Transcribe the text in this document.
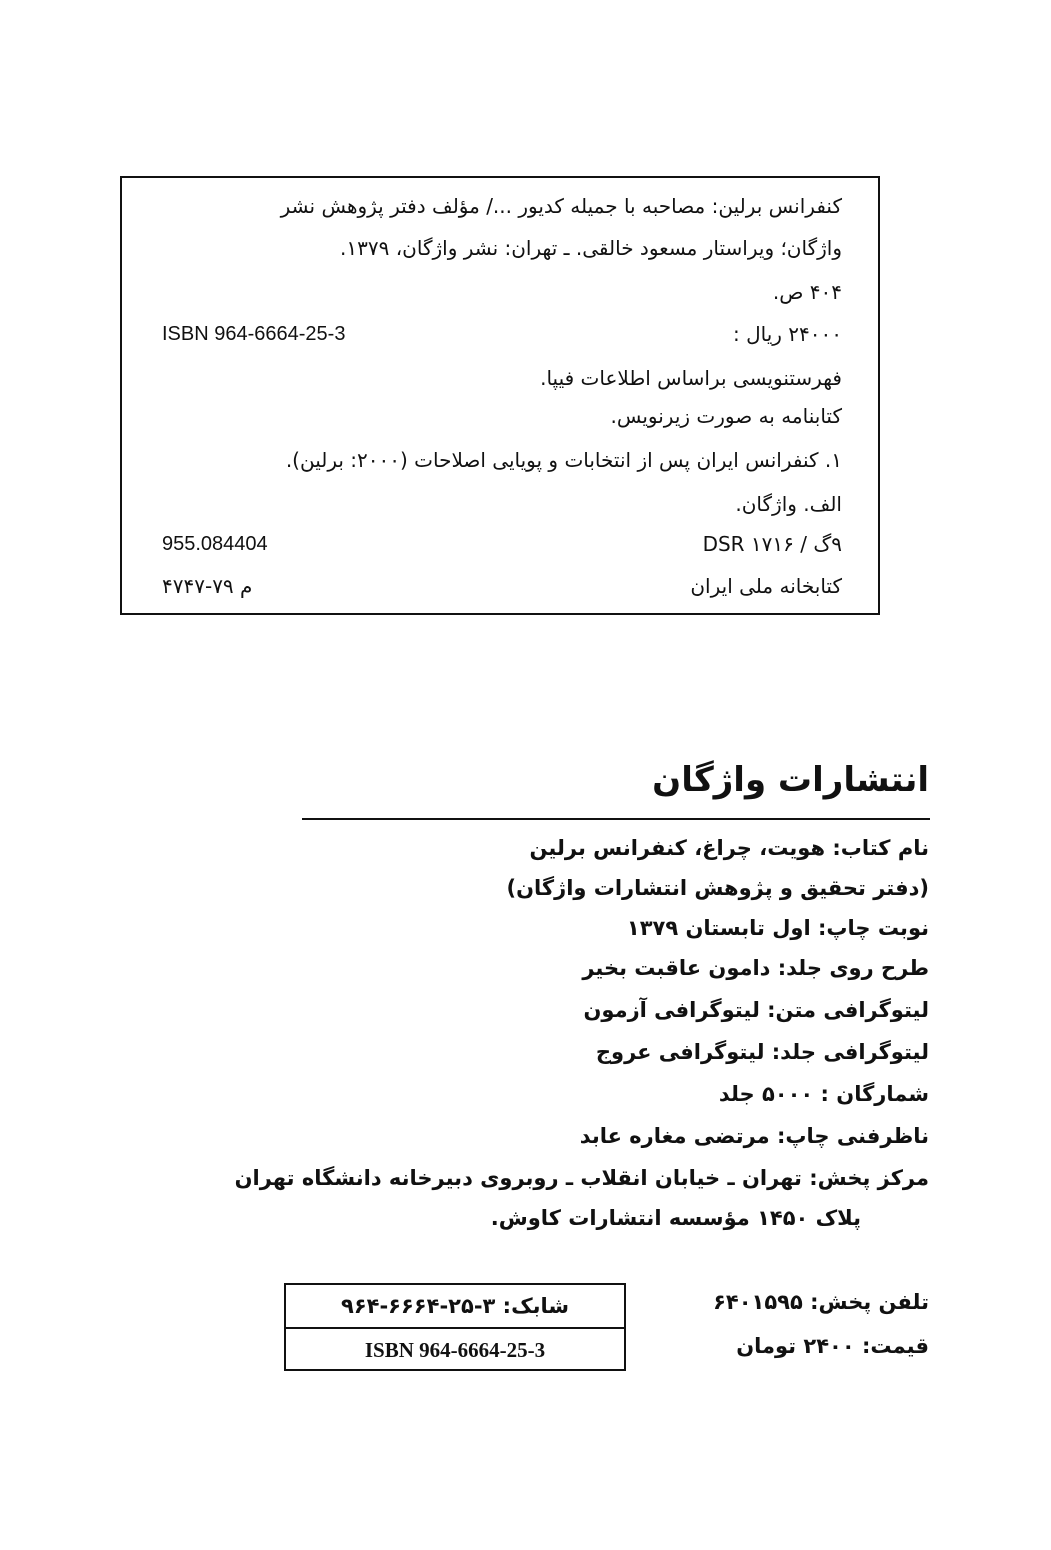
کنفرانس برلین: مصاحبه با جمیله کدیور .../ مؤلف دفتر پژوهش نشر
واژگان؛ ویراستار مسعود خالقی. ـ تهران: نشر واژگان، ۱۳۷۹.
۴۰۴ ص.
۲۴۰۰۰ ریال :
ISBN 964-6664-25-3
فهرستنویسی براساس اطلاعات فیپا.
کتابنامه به صورت زیرنویس.
۱. کنفرانس ایران پس از انتخابات و پویایی اصلاحات (۲۰۰۰: برلین).
الف. واژگان.
۹گ / DSR ۱۷۱۶
955.084404
کتابخانه ملی ایران
م ۷۹-۴۷۴۷
انتشارات واژگان
نام کتاب: هویت، چراغ، کنفرانس برلین
(دفتر تحقیق و پژوهش انتشارات واژگان)
نوبت چاپ: اول تابستان ۱۳۷۹
طرح روی جلد: دامون عاقبت بخیر
لیتوگرافی متن: لیتوگرافی آزمون
لیتوگرافی جلد: لیتوگرافی عروج
شمارگان : ۵۰۰۰ جلد
ناظرفنی چاپ: مرتضی مغاره عابد
مرکز پخش: تهران ـ خیابان انقلاب ـ روبروی دبیرخانه دانشگاه تهران
پلاک ۱۴۵۰ مؤسسه انتشارات کاوش.
شابک: ۳-۲۵-۶۶۶۴-۹۶۴
ISBN 964-6664-25-3
تلفن پخش: ۶۴۰۱۵۹۵
قیمت: ۲۴۰۰ تومان
